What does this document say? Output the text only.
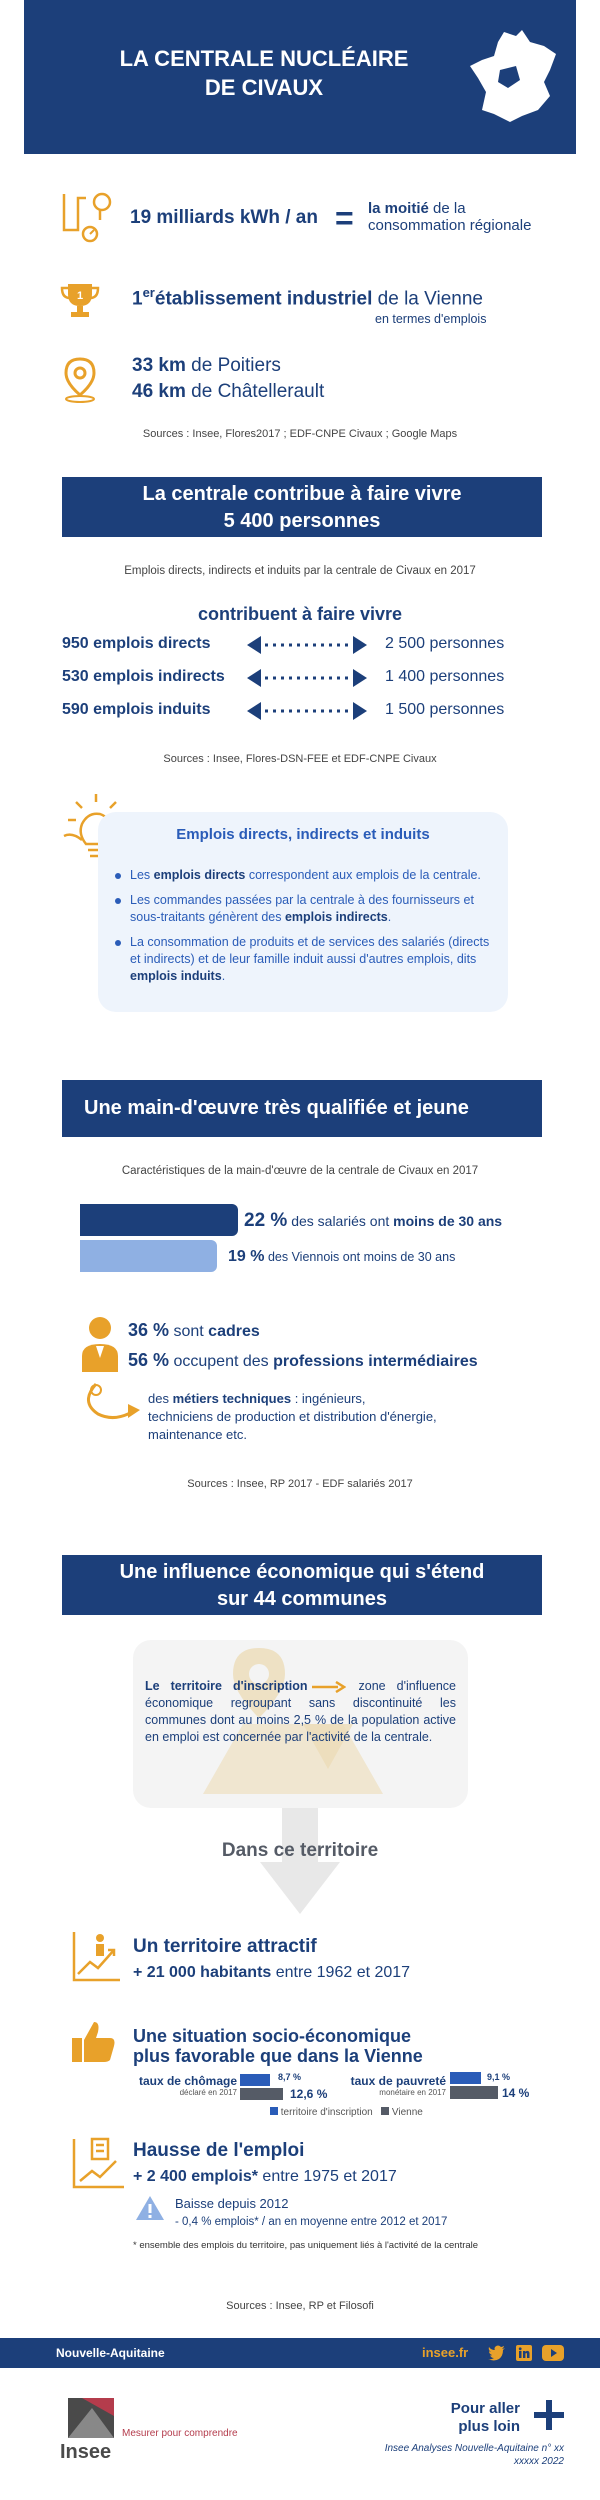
LA CENTRALE NUCLÉAIRE
DE CIVAUX
19 milliards kWh / an = la moitié de la
consommation régionale
1	1erétablissement industriel de la Vienne
en termes d'emplois
33 km de Poitiers
46 km de Châtellerault
Sources : Insee, Flores2017 ; EDF-CNPE Civaux ; Google Maps
La centrale contribue à faire vivre
5 400 personnes
Emplois directs, indirects et induits par la centrale de Civaux en 2017
contribuent à faire vivre
950 emplois directs	2 500 personnes
530 emplois indirects	1 400 personnes
590 emplois induits	1 500 personnes
Sources : Insee, Flores-DSN-FEE et EDF-CNPE Civaux
Emplois directs, indirects et induits
Les emplois directs correspondent aux emplois de la centrale.
Les commandes passées par la centrale à des fournisseurs et sous-traitants génèrent des emplois indirects.
La consommation de produits et de services des salariés (directs et indirects) et de leur famille induit aussi d'autres emplois, dits emplois induits.
Une main-d'œuvre très qualifiée et jeune
Caractéristiques de la main-d'œuvre de la centrale de Civaux en 2017
22 % des salariés ont moins de 30 ans
19 % des Viennois ont moins de 30 ans
36 % sont cadres
56 % occupent des professions intermédiaires
des métiers techniques : ingénieurs,
techniciens de production et distribution d'énergie,
maintenance etc.
Sources : Insee, RP 2017 - EDF salariés 2017
Une influence économique qui s'étend
sur 44 communes
Le territoire d'inscription	zone d'influence économique regroupant sans discontinuité les communes dont au moins 2,5 % de la population active en emploi est concernée par l'activité de la centrale.
Dans ce territoire
Un territoire attractif
+ 21 000 habitants entre 1962 et 2017
Une situation socio-économique
plus favorable que dans la Vienne
taux de chômage
déclaré en 2017
8,7 %
12,6 %
taux de pauvreté
monétaire en 2017
9,1 %
14 %
territoire d'inscription Vienne
Hausse de l'emploi
+ 2 400 emplois* entre 1975 et 2017
Baisse depuis 2012
- 0,4 % emplois* / an en moyenne entre 2012 et 2017
* ensemble des emplois du territoire, pas uniquement liés à l'activité de la centrale
Sources : Insee, RP et Filosofi
Nouvelle-Aquitaine	insee.fr
Insee
Mesurer pour comprendre
Pour aller
plus loin
Insee Analyses Nouvelle-Aquitaine n° xx
xxxxx 2022
